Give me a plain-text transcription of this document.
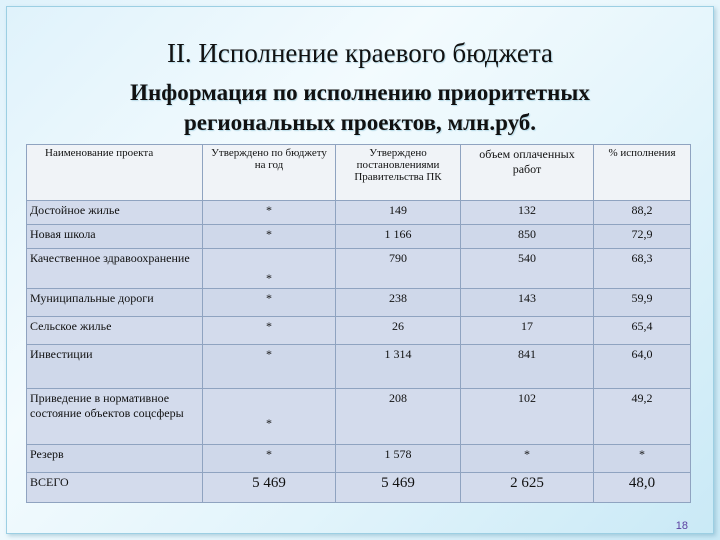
II. Исполнение краевого бюджета
Информация по исполнению приоритетных
региональных проектов, млн.руб.
Наименование проекта	Утверждено по бюджету на год	Утверждено постановлениями Правительства ПК	объем оплаченных работ	% исполнения
Достойное жилье	*	149	132	88,2
Новая школа	*	1 166	850	72,9
Качественное здравоохранение	*	790	540	68,3
Муниципальные дороги	*	238	143	59,9
Сельское жилье	*	26	17	65,4
Инвестиции	*	1 314	841	64,0
Приведение в нормативное состояние объектов соцсферы	*	208	102	49,2
Резерв	*	1 578	*	*
ВСЕГО	5 469	5 469	2 625	48,0
18
